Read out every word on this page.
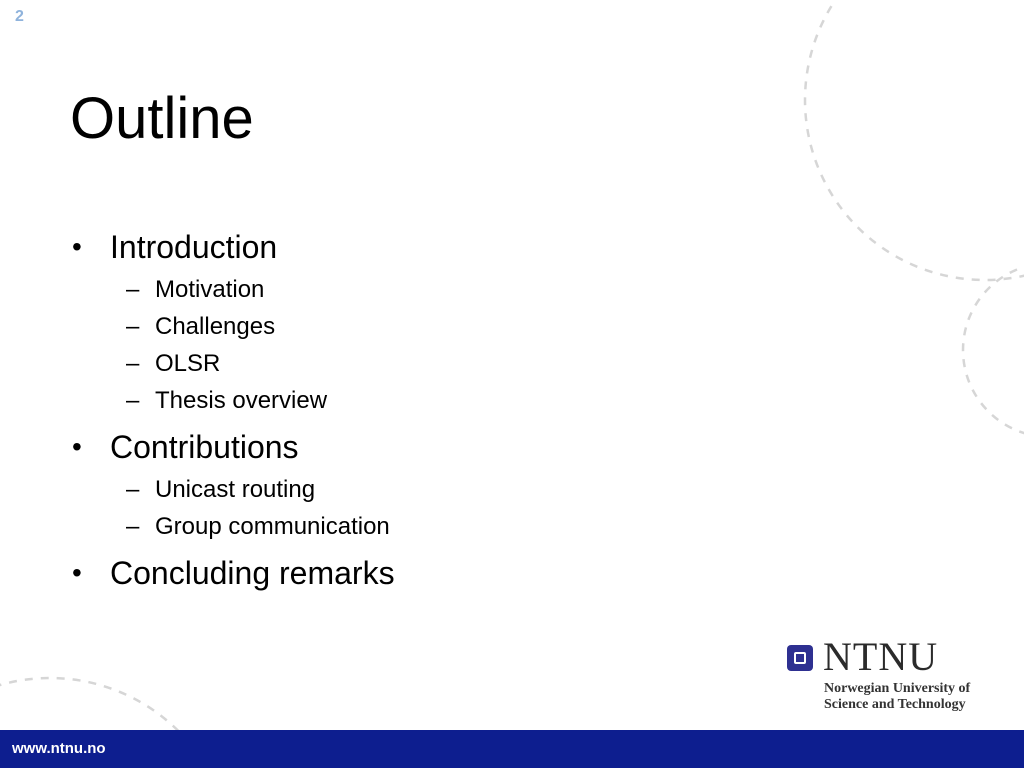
2
Outline
• Introduction
– Motivation
– Challenges
– OLSR
– Thesis overview
• Contributions
– Unicast routing
– Group communication
• Concluding remarks
NTNU
Norwegian University of
Science and Technology
www.ntnu.no
